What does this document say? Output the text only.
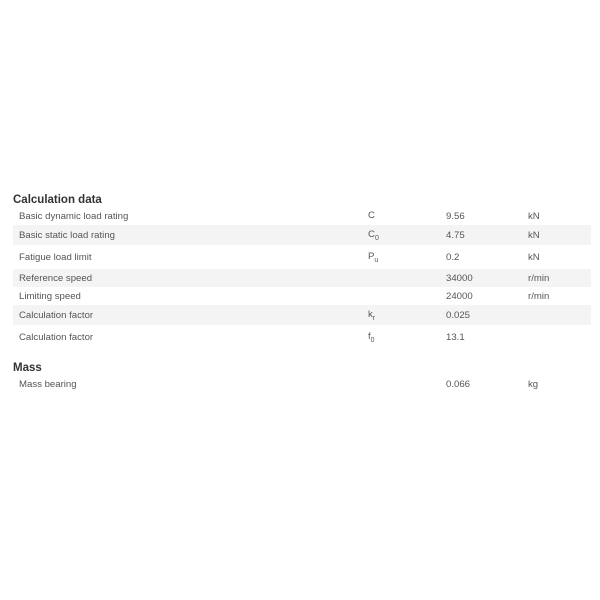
Calculation data
Basic dynamic load rating	C	9.56	kN
Basic static load rating	$C_0$	4.75	kN
Fatigue load limit	$P_u$	0.2	kN
Reference speed		34000	r/min
Limiting speed		24000	r/min
Calculation factor	$k_r$	0.025	
Calculation factor	$f_0$	13.1	
Mass
Mass bearing		0.066	kg
